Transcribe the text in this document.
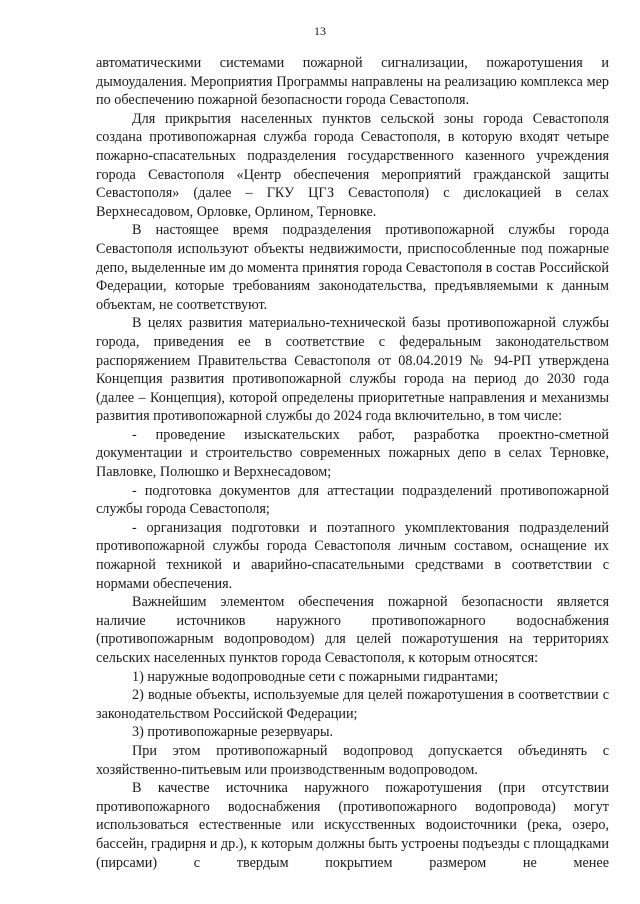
13

автоматическими системами пожарной сигнализации, пожаротушения и дымоудаления. Мероприятия Программы направлены на реализацию комплекса мер по обеспечению пожарной безопасности города Севастополя.

Для прикрытия населенных пунктов сельской зоны города Севастополя создана противопожарная служба города Севастополя, в которую входят четыре пожарно-спасательных подразделения государственного казенного учреждения города Севастополя «Центр обеспечения мероприятий гражданской защиты Севастополя» (далее – ГКУ ЦГЗ Севастополя) с дислокацией в селах Верхнесадовом, Орловке, Орлином, Терновке.

В настоящее время подразделения противопожарной службы города Севастополя используют объекты недвижимости, приспособленные под пожарные депо, выделенные им до момента принятия города Севастополя в состав Российской Федерации, которые требованиям законодательства, предъявляемыми к данным объектам, не соответствуют.

В целях развития материально-технической базы противопожарной службы города, приведения ее в соответствие с федеральным законодательством распоряжением Правительства Севастополя от 08.04.2019 № 94-РП утверждена Концепция развития противопожарной службы города на период до 2030 года (далее – Концепция), которой определены приоритетные направления и механизмы развития противопожарной службы до 2024 года включительно, в том числе:

- проведение изыскательских работ, разработка проектно-сметной документации и строительство современных пожарных депо в селах Терновке, Павловке, Полюшко и Верхнесадовом;

- подготовка документов для аттестации подразделений противопожарной службы города Севастополя;

- организация подготовки и поэтапного укомплектования подразделений противопожарной службы города Севастополя личным составом, оснащение их пожарной техникой и аварийно-спасательными средствами в соответствии с нормами обеспечения.

Важнейшим элементом обеспечения пожарной безопасности является наличие источников наружного противопожарного водоснабжения (противопожарным водопроводом) для целей пожаротушения на территориях сельских населенных пунктов города Севастополя, к которым относятся:

1) наружные водопроводные сети с пожарными гидрантами;

2) водные объекты, используемые для целей пожаротушения в соответствии с законодательством Российской Федерации;

3) противопожарные резервуары.

При этом противопожарный водопровод допускается объединять с хозяйственно-питьевым или производственным водопроводом.

В качестве источника наружного пожаротушения (при отсутствии противопожарного водоснабжения (противопожарного водопровода) могут использоваться естественные или искусственных водоисточники (река, озеро, бассейн, градирня и др.), к которым должны быть устроены подъезды с площадками (пирсами) с твердым покрытием размером не менее
